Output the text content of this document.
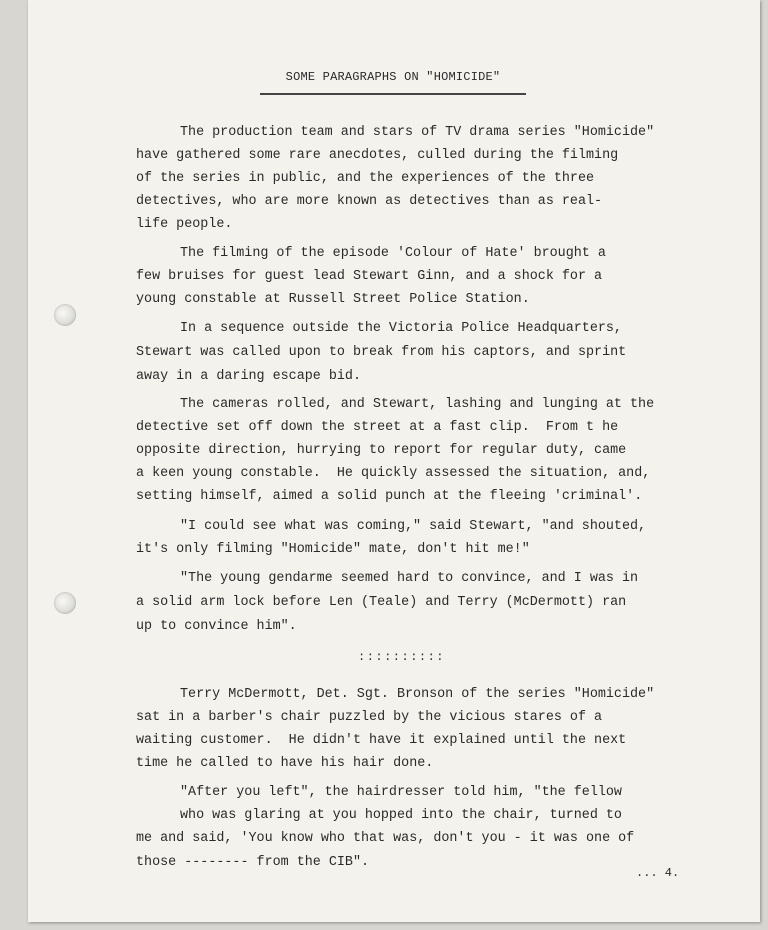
SOME PARAGRAPHS ON "HOMICIDE"
The production team and stars of TV drama series "Homicide"
have gathered some rare anecdotes, culled during the filming
of the series in public, and the experiences of the three
detectives, who are more known as detectives than as real-
life people.
The filming of the episode 'Colour of Hate' brought a
few bruises for guest lead Stewart Ginn, and a shock for a
young constable at Russell Street Police Station.
In a sequence outside the Victoria Police Headquarters,
Stewart was called upon to break from his captors, and sprint
away in a daring escape bid.
The cameras rolled, and Stewart, lashing and lunging at the
detective set off down the street at a fast clip.  From t he
opposite direction, hurrying to report for regular duty, came
a keen young constable.  He quickly assessed the situation, and,
setting himself, aimed a solid punch at the fleeing 'criminal'.
"I could see what was coming," said Stewart, "and shouted,
it's only filming "Homicide" mate, don't hit me!"
"The young gendarme seemed hard to convince, and I was in
a solid arm lock before Len (Teale) and Terry (McDermott) ran
up to convince him".
::::::::::
Terry McDermott, Det. Sgt. Bronson of the series "Homicide"
sat in a barber's chair puzzled by the vicious stares of a
waiting customer.  He didn't have it explained until the next
time he called to have his hair done.
"After you left", the hairdresser told him, "the fellow
who was glaring at you hopped into the chair, turned to
me and said, 'You know who that was, don't you - it was one of
those -------- from the CIB".
... 4.
